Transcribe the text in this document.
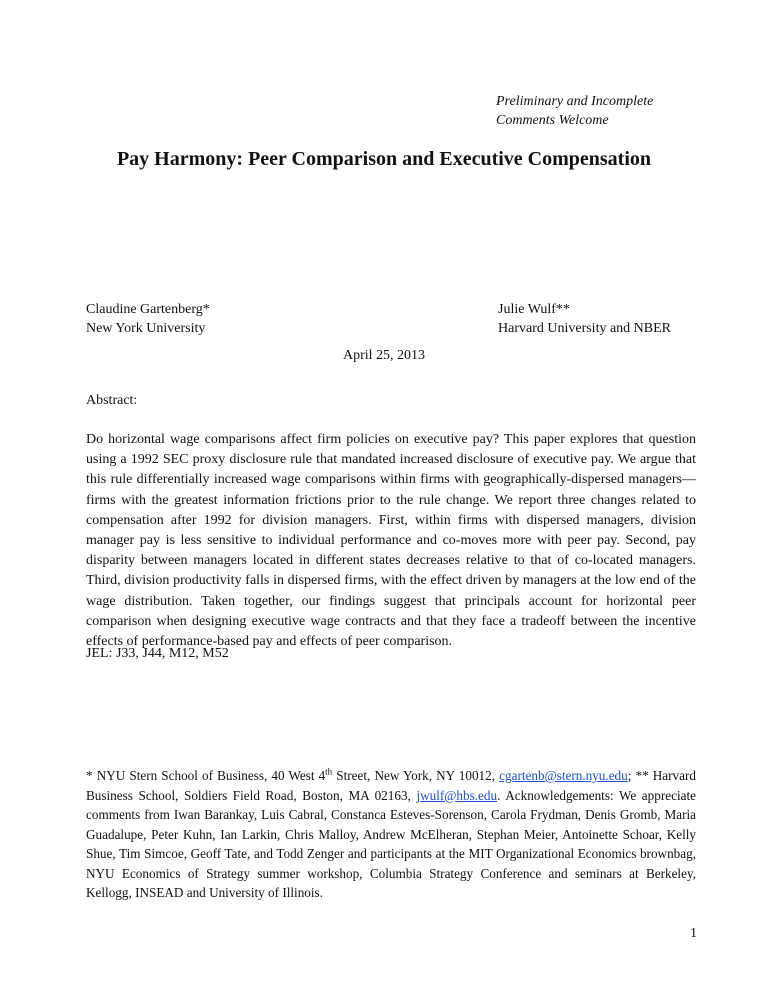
Preliminary and Incomplete
Comments Welcome
Pay Harmony: Peer Comparison and Executive Compensation
Claudine Gartenberg*
New York University
Julie Wulf**
Harvard University and NBER
April 25, 2013
Abstract:

Do horizontal wage comparisons affect firm policies on executive pay? This paper explores that question using a 1992 SEC proxy disclosure rule that mandated increased disclosure of executive pay. We argue that this rule differentially increased wage comparisons within firms with geographically-dispersed managers—firms with the greatest information frictions prior to the rule change. We report three changes related to compensation after 1992 for division managers. First, within firms with dispersed managers, division manager pay is less sensitive to individual performance and co-moves more with peer pay. Second, pay disparity between managers located in different states decreases relative to that of co-located managers. Third, division productivity falls in dispersed firms, with the effect driven by managers at the low end of the wage distribution. Taken together, our findings suggest that principals account for horizontal peer comparison when designing executive wage contracts and that they face a tradeoff between the incentive effects of performance-based pay and effects of peer comparison.

JEL: J33, J44, M12, M52

* NYU Stern School of Business, 40 West 4th Street, New York, NY 10012, cgartenb@stern.nyu.edu; ** Harvard Business School, Soldiers Field Road, Boston, MA 02163, jwulf@hbs.edu. Acknowledgements: We appreciate comments from Iwan Barankay, Luis Cabral, Constanca Esteves-Sorenson, Carola Frydman, Denis Gromb, Maria Guadalupe, Peter Kuhn, Ian Larkin, Chris Malloy, Andrew McElheran, Stephan Meier, Antoinette Schoar, Kelly Shue, Tim Simcoe, Geoff Tate, and Todd Zenger and participants at the MIT Organizational Economics brownbag, NYU Economics of Strategy summer workshop, Columbia Strategy Conference and seminars at Berkeley, Kellogg, INSEAD and University of Illinois.

1
